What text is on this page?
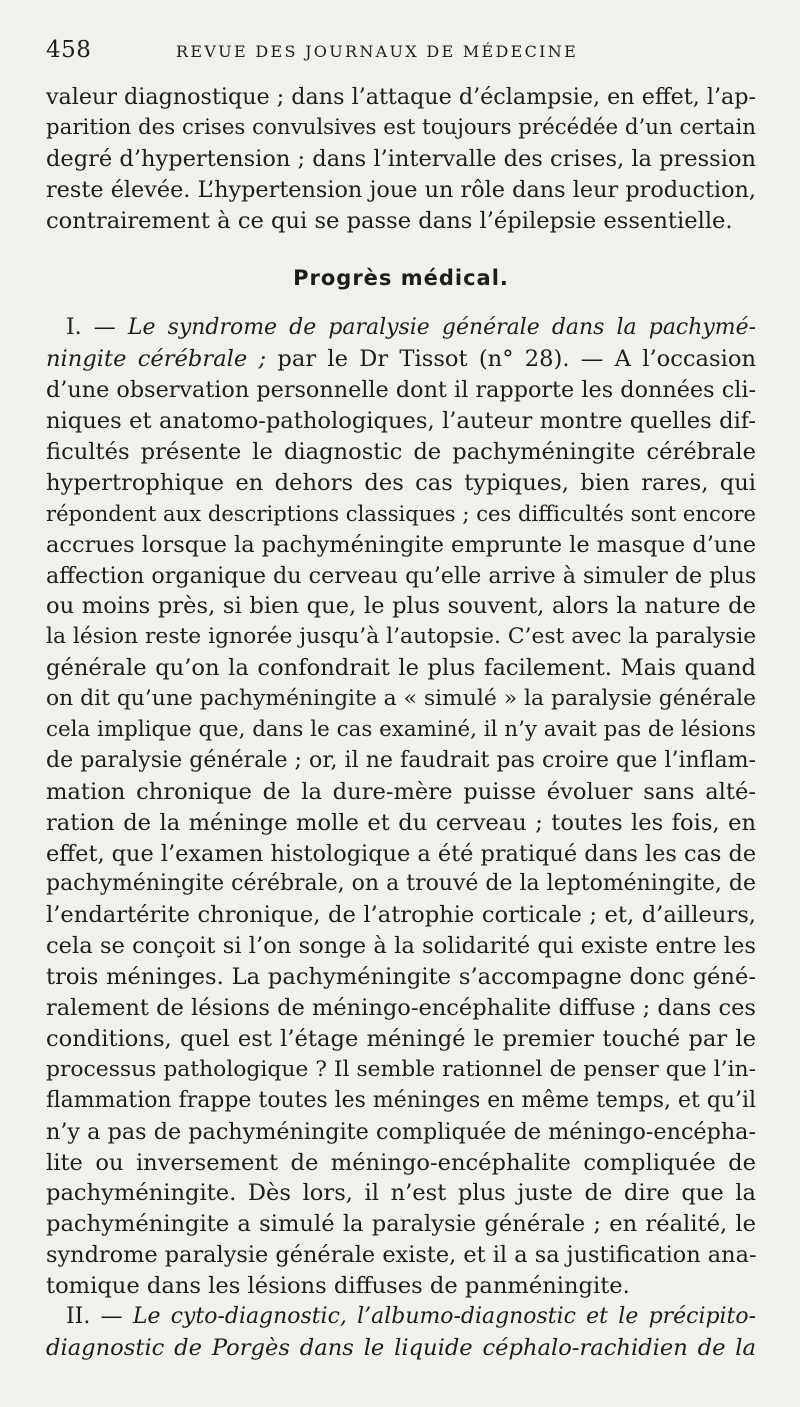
458	REVUE DES JOURNAUX DE MÉDECINE
valeur diagnostique ; dans l’attaque d’éclampsie, en effet, l’ap-
parition des crises convulsives est toujours précédée d’un certain
degré d’hypertension ; dans l’intervalle des crises, la pression
reste élevée. L’hypertension joue un rôle dans leur production,
contrairement à ce qui se passe dans l’épilepsie essentielle.
Progrès médical.
I. — Le syndrome de paralysie générale dans la pachymé-
ningite cérébrale ; par le Dr Tissot (n° 28). — A l’occasion
d’une observation personnelle dont il rapporte les données cli-
niques et anatomo-pathologiques, l’auteur montre quelles dif-
ficultés présente le diagnostic de pachyméningite cérébrale
hypertrophique en dehors des cas typiques, bien rares, qui
répondent aux descriptions classiques ; ces difficultés sont encore
accrues lorsque la pachyméningite emprunte le masque d’une
affection organique du cerveau qu’elle arrive à simuler de plus
ou moins près, si bien que, le plus souvent, alors la nature de
la lésion reste ignorée jusqu’à l’autopsie. C’est avec la paralysie
générale qu’on la confondrait le plus facilement. Mais quand
on dit qu’une pachyméningite a « simulé » la paralysie générale
cela implique que, dans le cas examiné, il n’y avait pas de lésions
de paralysie générale ; or, il ne faudrait pas croire que l’inflam-
mation chronique de la dure-mère puisse évoluer sans alté-
ration de la méninge molle et du cerveau ; toutes les fois, en
effet, que l’examen histologique a été pratiqué dans les cas de
pachyméningite cérébrale, on a trouvé de la leptoméningite, de
l’endartérite chronique, de l’atrophie corticale ; et, d’ailleurs,
cela se conçoit si l’on songe à la solidarité qui existe entre les
trois méninges. La pachyméningite s’accompagne donc géné-
ralement de lésions de méningo-encéphalite diffuse ; dans ces
conditions, quel est l’étage méningé le premier touché par le
processus pathologique ? Il semble rationnel de penser que l’in-
flammation frappe toutes les méninges en même temps, et qu’il
n’y a pas de pachyméningite compliquée de méningo-encépha-
lite ou inversement de méningo-encéphalite compliquée de
pachyméningite. Dès lors, il n’est plus juste de dire que la
pachyméningite a simulé la paralysie générale ; en réalité, le
syndrome paralysie générale existe, et il a sa justification ana-
tomique dans les lésions diffuses de panméningite.
II. — Le cyto-diagnostic, l’albumo-diagnostic et le précipito-
diagnostic de Porgès dans le liquide céphalo-rachidien de la
